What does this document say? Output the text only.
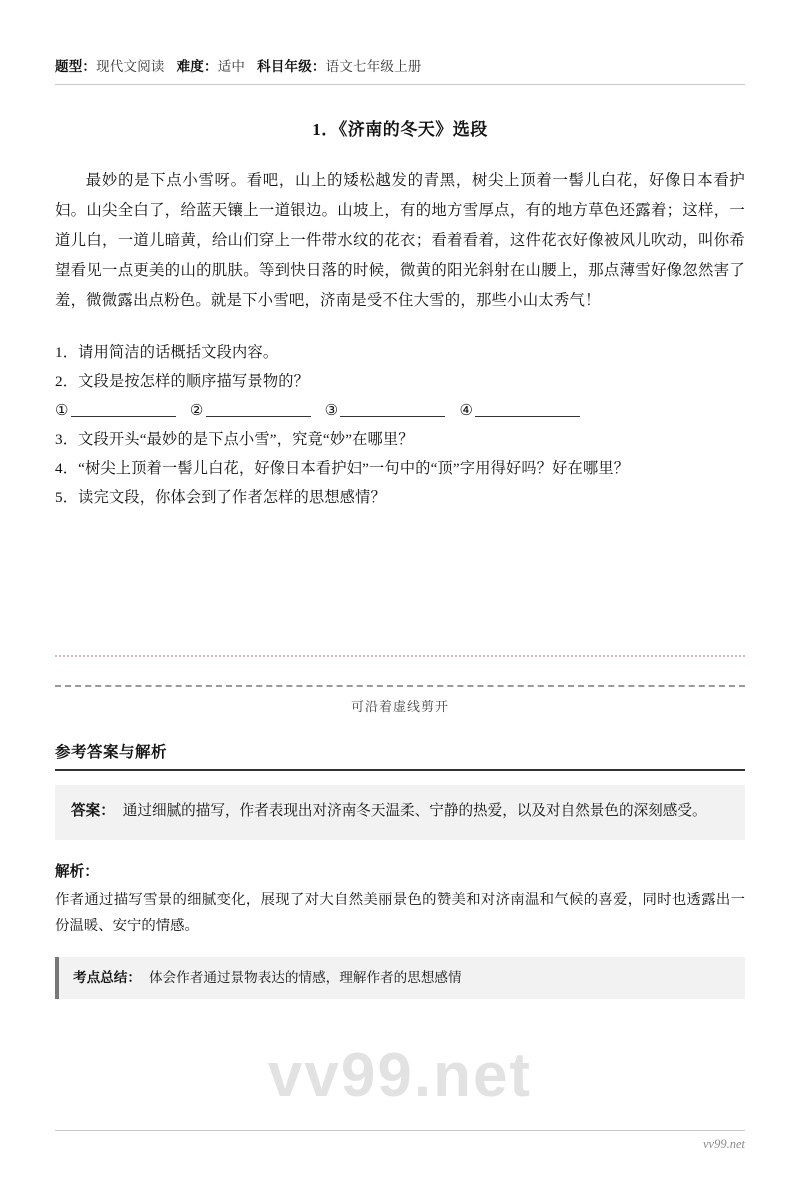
题型：现代文阅读 难度：适中 科目年级：语文七年级上册
1．《济南的冬天》选段
最妙的是下点小雪呀。看吧，山上的矮松越发的青黑，树尖上顶着一髻儿白花，好像日本看护妇。山尖全白了，给蓝天镶上一道银边。山坡上，有的地方雪厚点，有的地方草色还露着；这样，一道儿白，一道儿暗黄，给山们穿上一件带水纹的花衣；看着看着，这件花衣好像被风儿吹动，叫你希望看见一点更美的山的肌肤。等到快日落的时候，微黄的阳光斜射在山腰上，那点薄雪好像忽然害了羞，微微露出点粉色。就是下小雪吧，济南是受不住大雪的，那些小山太秀气！
1．请用简洁的话概括文段内容。
2．文段是按怎样的顺序描写景物的？
①	②	③	④
3．文段开头“最妙的是下点小雪”，究竟“妙”在哪里？
4．“树尖上顶着一髻儿白花，好像日本看护妇”一句中的“顶”字用得好吗？好在哪里？
5．读完文段，你体会到了作者怎样的思想感情？
可沿着虚线剪开
参考答案与解析
答案： 通过细腻的描写，作者表现出对济南冬天温柔、宁静的热爱，以及对自然景色的深刻感受。
解析：
作者通过描写雪景的细腻变化，展现了对大自然美丽景色的赞美和对济南温和气候的喜爱，同时也透露出一份温暖、安宁的情感。
考点总结： 体会作者通过景物表达的情感，理解作者的思想感情
vv99.net
vv99.net
